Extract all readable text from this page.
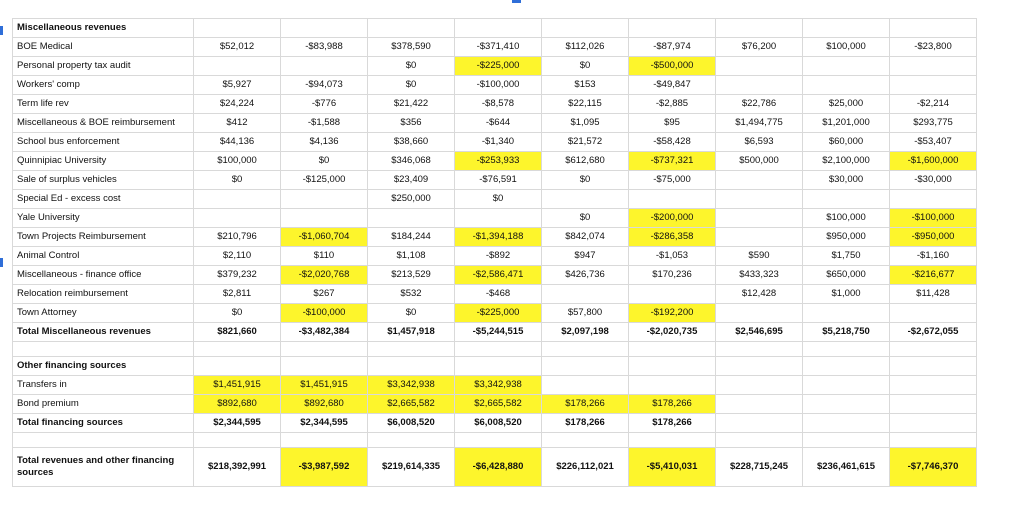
Miscellaneous revenues									
BOE Medical	$52,012	-$83,988	$378,590	-$371,410	$112,026	-$87,974	$76,200	$100,000	-$23,800
Personal property tax audit			$0	-$225,000	$0	-$500,000			
Workers' comp	$5,927	-$94,073	$0	-$100,000	$153	-$49,847			
Term life rev	$24,224	-$776	$21,422	-$8,578	$22,115	-$2,885	$22,786	$25,000	-$2,214
Miscellaneous & BOE reimbursement	$412	-$1,588	$356	-$644	$1,095	$95	$1,494,775	$1,201,000	$293,775
School bus enforcement	$44,136	$4,136	$38,660	-$1,340	$21,572	-$58,428	$6,593	$60,000	-$53,407
Quinnipiac University	$100,000	$0	$346,068	-$253,933	$612,680	-$737,321	$500,000	$2,100,000	-$1,600,000
Sale of surplus vehicles	$0	-$125,000	$23,409	-$76,591	$0	-$75,000		$30,000	-$30,000
Special Ed - excess cost			$250,000	$0					
Yale University					$0	-$200,000		$100,000	-$100,000
Town Projects Reimbursement	$210,796	-$1,060,704	$184,244	-$1,394,188	$842,074	-$286,358		$950,000	-$950,000
Animal Control	$2,110	$110	$1,108	-$892	$947	-$1,053	$590	$1,750	-$1,160
Miscellaneous - finance office	$379,232	-$2,020,768	$213,529	-$2,586,471	$426,736	$170,236	$433,323	$650,000	-$216,677
Relocation reimbursement	$2,811	$267	$532	-$468			$12,428	$1,000	$11,428
Town Attorney	$0	-$100,000	$0	-$225,000	$57,800	-$192,200			
Total Miscellaneous revenues	$821,660	-$3,482,384	$1,457,918	-$5,244,515	$2,097,198	-$2,020,735	$2,546,695	$5,218,750	-$2,672,055

Other financing sources									
Transfers in	$1,451,915	$1,451,915	$3,342,938	$3,342,938					
Bond premium	$892,680	$892,680	$2,665,582	$2,665,582	$178,266	$178,266			
Total financing sources	$2,344,595	$2,344,595	$6,008,520	$6,008,520	$178,266	$178,266			

Total revenues and other financing sources	$218,392,991	-$3,987,592	$219,614,335	-$6,428,880	$226,112,021	-$5,410,031	$228,715,245	$236,461,615	-$7,746,370
